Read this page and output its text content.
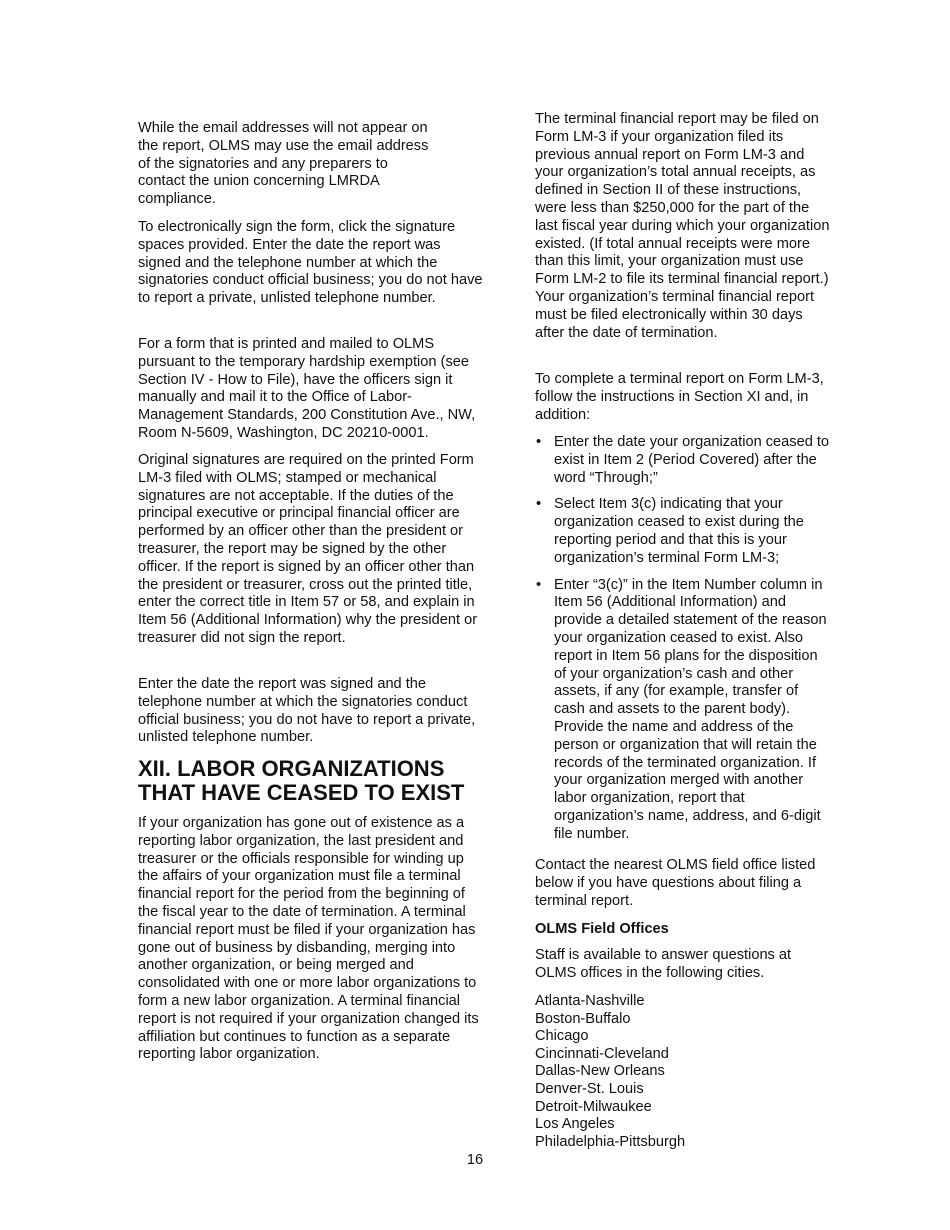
While the email addresses will not appear on the report, OLMS may use the email address of the signatories and any preparers to contact the union concerning LMRDA compliance.

To electronically sign the form, click the signature spaces provided. Enter the date the report was signed and the telephone number at which the signatories conduct official business; you do not have to report a private, unlisted telephone number.

For a form that is printed and mailed to OLMS pursuant to the temporary hardship exemption (see Section IV - How to File), have the officers sign it manually and mail it to the Office of Labor-Management Standards, 200 Constitution Ave., NW, Room N-5609, Washington, DC 20210-0001.

Original signatures are required on the printed Form LM-3 filed with OLMS; stamped or mechanical signatures are not acceptable. If the duties of the principal executive or principal financial officer are performed by an officer other than the president or treasurer, the report may be signed by the other officer. If the report is signed by an officer other than the president or treasurer, cross out the printed title, enter the correct title in Item 57 or 58, and explain in Item 56 (Additional Information) why the president or treasurer did not sign the report.

Enter the date the report was signed and the telephone number at which the signatories conduct official business; you do not have to report a private, unlisted telephone number.

XII. LABOR ORGANIZATIONS THAT HAVE CEASED TO EXIST

If your organization has gone out of existence as a reporting labor organization, the last president and treasurer or the officials responsible for winding up the affairs of your organization must file a terminal financial report for the period from the beginning of the fiscal year to the date of termination. A terminal financial report must be filed if your organization has gone out of business by disbanding, merging into another organization, or being merged and consolidated with one or more labor organizations to form a new labor organization. A terminal financial report is not required if your organization changed its affiliation but continues to function as a separate reporting labor organization.

The terminal financial report may be filed on Form LM-3 if your organization filed its previous annual report on Form LM-3 and your organization’s total annual receipts, as defined in Section II of these instructions, were less than $250,000 for the part of the last fiscal year during which your organization existed. (If total annual receipts were more than this limit, your organization must use Form LM-2 to file its terminal financial report.) Your organization’s terminal financial report must be filed electronically within 30 days after the date of termination.

To complete a terminal report on Form LM-3, follow the instructions in Section XI and, in addition:

• Enter the date your organization ceased to exist in Item 2 (Period Covered) after the word “Through;”
• Select Item 3(c) indicating that your organization ceased to exist during the reporting period and that this is your organization’s terminal Form LM-3;
• Enter “3(c)” in the Item Number column in Item 56 (Additional Information) and provide a detailed statement of the reason your organization ceased to exist. Also report in Item 56 plans for the disposition of your organization’s cash and other assets, if any (for example, transfer of cash and assets to the parent body). Provide the name and address of the person or organization that will retain the records of the terminated organization. If your organization merged with another labor organization, report that organization’s name, address, and 6-digit file number.

Contact the nearest OLMS field office listed below if you have questions about filing a terminal report.

OLMS Field Offices

Staff is available to answer questions at OLMS offices in the following cities.

Atlanta-Nashville
Boston-Buffalo
Chicago
Cincinnati-Cleveland
Dallas-New Orleans
Denver-St. Louis
Detroit-Milwaukee
Los Angeles
Philadelphia-Pittsburgh
16
